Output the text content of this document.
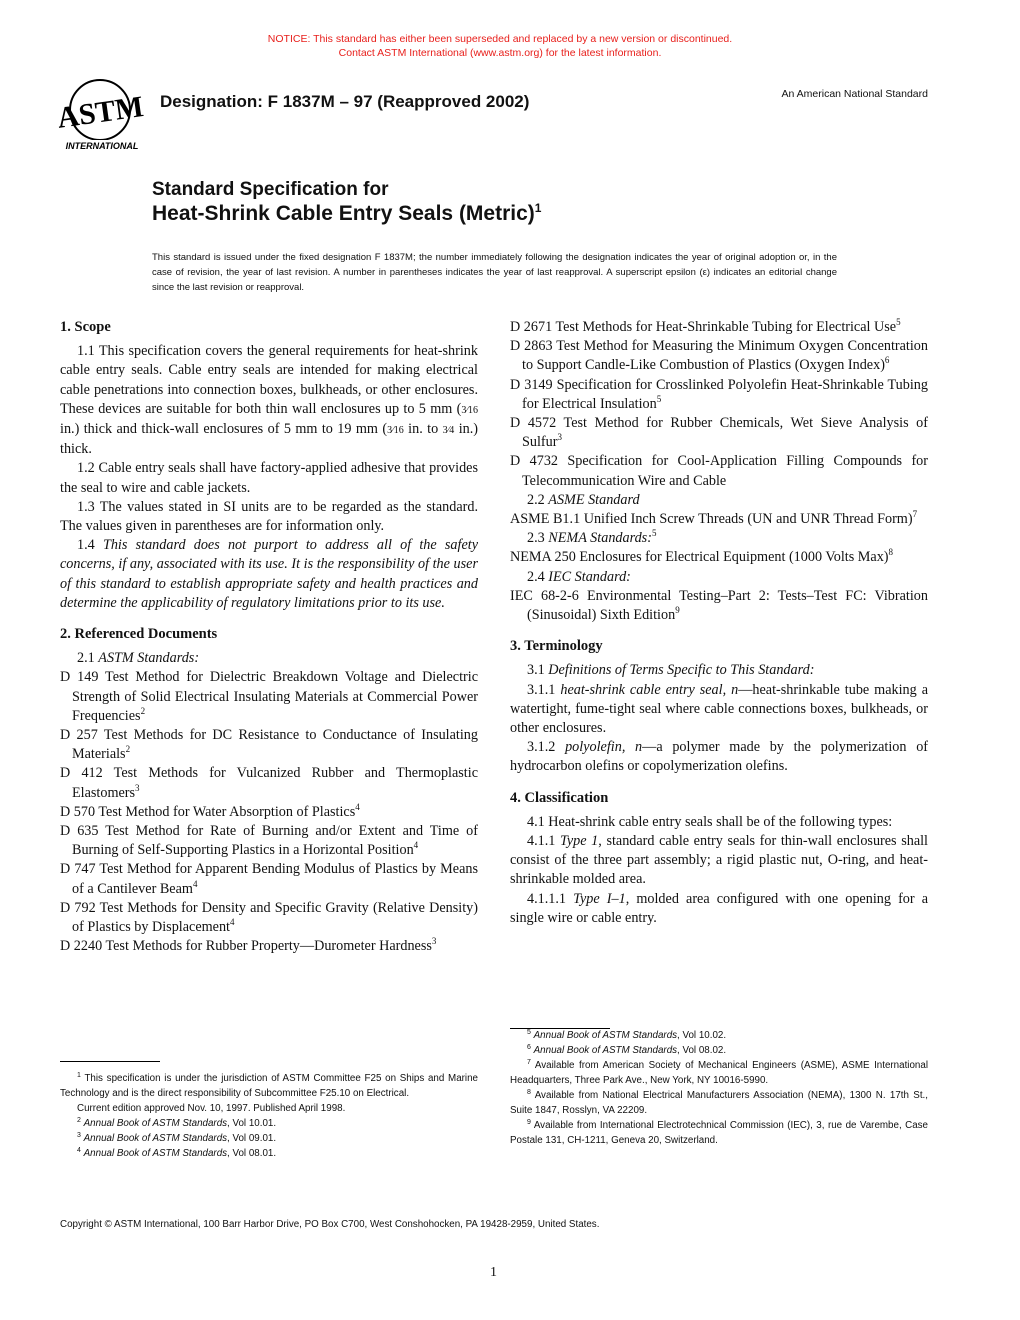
NOTICE: This standard has either been superseded and replaced by a new version or discontinued.
Contact ASTM International (www.astm.org) for the latest information.
ASTM
INTERNATIONAL
Designation: F 1837M – 97 (Reapproved 2002)	An American National Standard
Standard Specification for
Heat-Shrink Cable Entry Seals (Metric)$^1$
This standard is issued under the fixed designation F 1837M; the number immediately following the designation indicates the year of original adoption or, in the case of revision, the year of last revision. A number in parentheses indicates the year of last reapproval. A superscript epsilon (ε) indicates an editorial change since the last revision or reapproval.
1. Scope

1.1 This specification covers the general requirements for heat-shrink cable entry seals. Cable entry seals are intended for making electrical cable penetrations into connection boxes, bulkheads, or other enclosures. These devices are suitable for both thin wall enclosures up to 5 mm (3⁄16 in.) thick and thick-wall enclosures of 5 mm to 19 mm (3⁄16 in. to 3⁄4 in.) thick.

1.2 Cable entry seals shall have factory-applied adhesive that provides the seal to wire and cable jackets.

1.3 The values stated in SI units are to be regarded as the standard. The values given in parentheses are for information only.

1.4 This standard does not purport to address all of the safety concerns, if any, associated with its use. It is the responsibility of the user of this standard to establish appropriate safety and health practices and determine the applicability of regulatory limitations prior to its use.

2. Referenced Documents

2.1 ASTM Standards:

D 149 Test Method for Dielectric Breakdown Voltage and Dielectric Strength of Solid Electrical Insulating Materials at Commercial Power Frequencies$^2$

D 257 Test Methods for DC Resistance to Conductance of Insulating Materials$^2$

D 412 Test Methods for Vulcanized Rubber and Thermoplastic Elastomers$^3$

D 570 Test Method for Water Absorption of Plastics$^4$

D 635 Test Method for Rate of Burning and/or Extent and Time of Burning of Self-Supporting Plastics in a Horizontal Position$^4$

D 747 Test Method for Apparent Bending Modulus of Plastics by Means of a Cantilever Beam$^4$

D 792 Test Methods for Density and Specific Gravity (Relative Density) of Plastics by Displacement$^4$

D 2240 Test Methods for Rubber Property—Durometer Hardness$^3$

D 2671 Test Methods for Heat-Shrinkable Tubing for Electrical Use$^5$

D 2863 Test Method for Measuring the Minimum Oxygen Concentration to Support Candle-Like Combustion of Plastics (Oxygen Index)$^6$

D 3149 Specification for Crosslinked Polyolefin Heat-Shrinkable Tubing for Electrical Insulation$^5$

D 4572 Test Method for Rubber Chemicals, Wet Sieve Analysis of Sulfur$^3$

D 4732 Specification for Cool-Application Filling Compounds for Telecommunication Wire and Cable

2.2 ASME Standard

ASME B1.1 Unified Inch Screw Threads (UN and UNR Thread Form)$^7$

2.3 NEMA Standards:$^5$

NEMA 250 Enclosures for Electrical Equipment (1000 Volts Max)$^8$

2.4 IEC Standard:

IEC 68-2-6 Environmental Testing–Part 2: Tests–Test FC: Vibration (Sinusoidal) Sixth Edition$^9$

3. Terminology

3.1 Definitions of Terms Specific to This Standard:

3.1.1 heat-shrink cable entry seal, n—heat-shrinkable tube making a watertight, fume-tight seal where cable connections boxes, bulkheads, or other enclosures.

3.1.2 polyolefin, n—a polymer made by the polymerization of hydrocarbon olefins or copolymerization olefins.

4. Classification

4.1 Heat-shrink cable entry seals shall be of the following types:

4.1.1 Type 1, standard cable entry seals for thin-wall enclosures shall consist of the three part assembly; a rigid plastic nut, O-ring, and heat-shrinkable molded area.

4.1.1.1 Type I–1, molded area configured with one opening for a single wire or cable entry.

$^1$ This specification is under the jurisdiction of ASTM Committee F25 on Ships and Marine Technology and is the direct responsibility of Subcommittee F25.10 on Electrical.

Current edition approved Nov. 10, 1997. Published April 1998.

$^2$ Annual Book of ASTM Standards, Vol 10.01.

$^3$ Annual Book of ASTM Standards, Vol 09.01.

$^4$ Annual Book of ASTM Standards, Vol 08.01.

$^5$ Annual Book of ASTM Standards, Vol 10.02.

$^6$ Annual Book of ASTM Standards, Vol 08.02.

$^7$ Available from American Society of Mechanical Engineers (ASME), ASME International Headquarters, Three Park Ave., New York, NY 10016-5990.

$^8$ Available from National Electrical Manufacturers Association (NEMA), 1300 N. 17th St., Suite 1847, Rosslyn, VA 22209.

$^9$ Available from International Electrotechnical Commission (IEC), 3, rue de Varembe, Case Postale 131, CH-1211, Geneva 20, Switzerland.

Copyright © ASTM International, 100 Barr Harbor Drive, PO Box C700, West Conshohocken, PA 19428-2959, United States.
1
